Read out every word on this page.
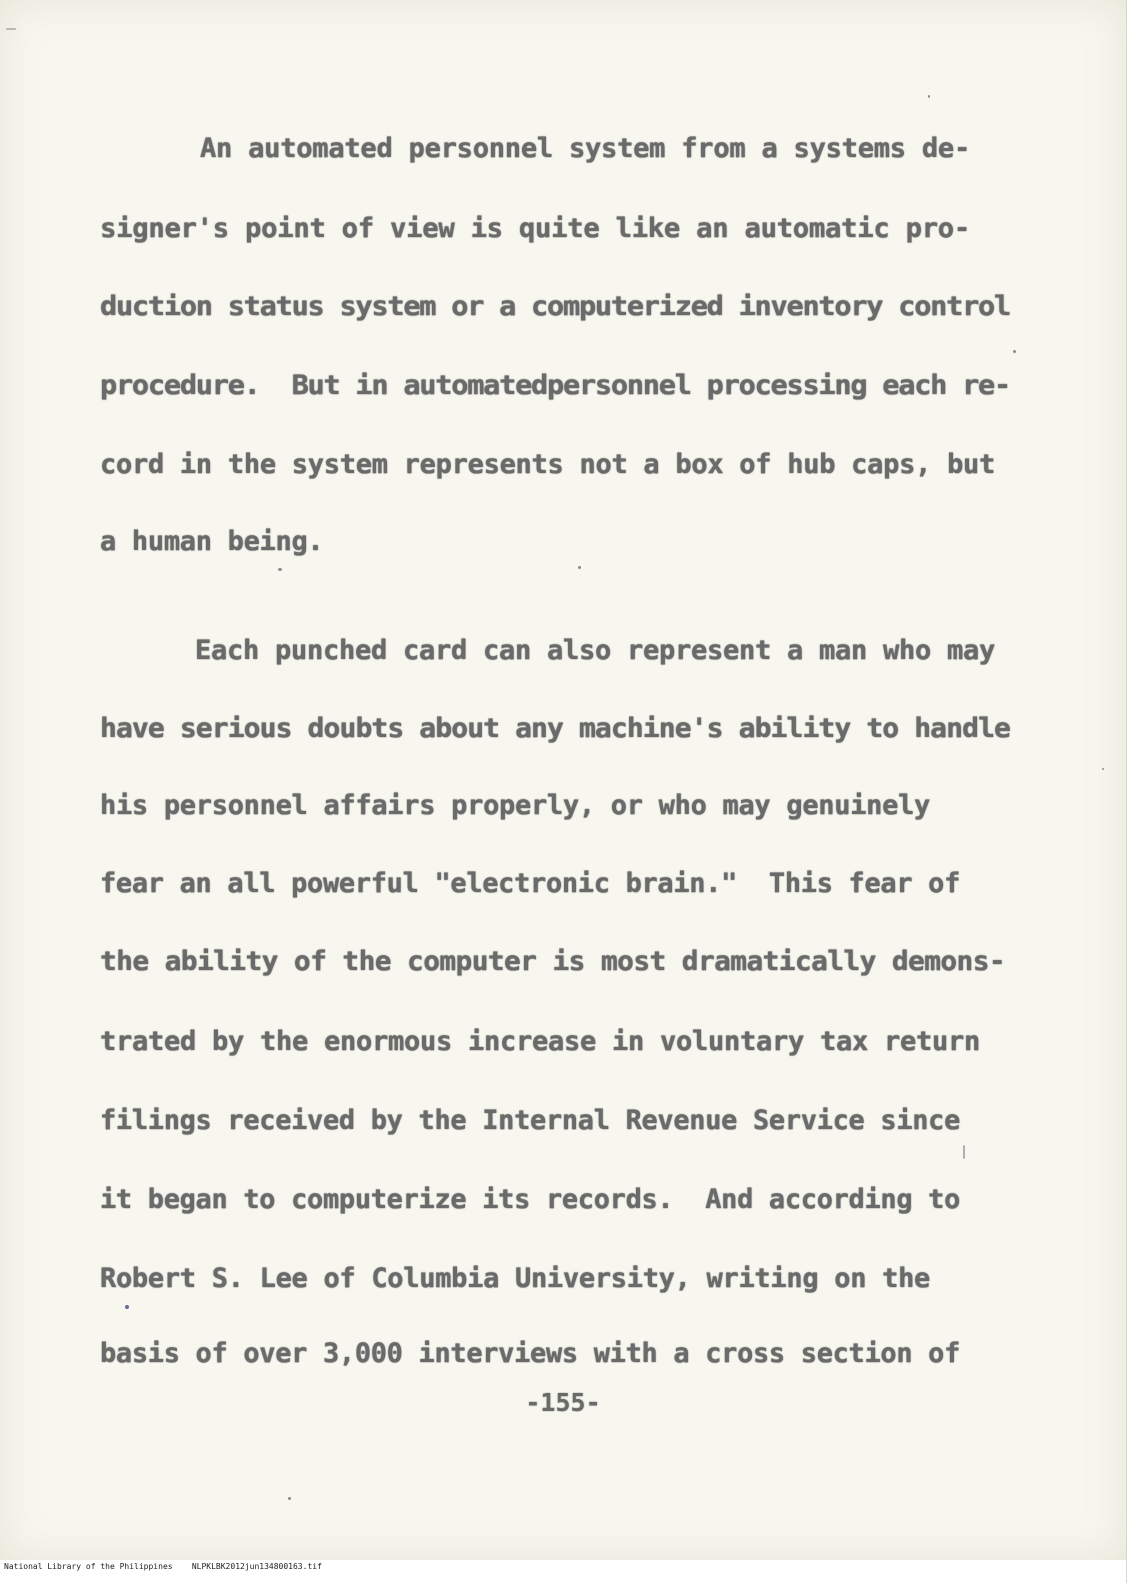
An automated personnel system from a systems de-

signer's point of view is quite like an automatic pro-

duction status system or a computerized inventory control

procedure.  But in automatedpersonnel processing each re-

cord in the system represents not a box of hub caps, but

a human being.

Each punched card can also represent a man who may

have serious doubts about any machine's ability to handle

his personnel affairs properly, or who may genuinely

fear an all powerful "electronic brain."  This fear of

the ability of the computer is most dramatically demons-

trated by the enormous increase in voluntary tax return

filings received by the Internal Revenue Service since

it began to computerize its records.  And according to

Robert S. Lee of Columbia University, writing on the

basis of over 3,000 interviews with a cross section of

-155-

National Library of the Philippines NLPKLBK2012jun134800163.tif
